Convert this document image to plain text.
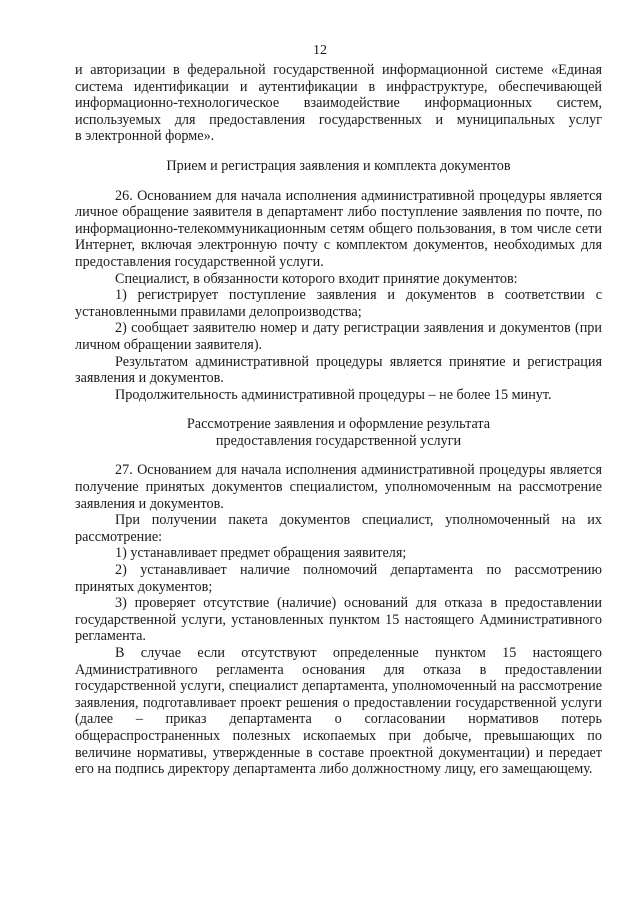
12

и авторизации в федеральной государственной информационной системе «Единая

система идентификации и аутентификации в инфраструктуре, обеспечивающей

информационно-технологическое взаимодействие информационных систем,

используемых для предоставления государственных и муниципальных услуг

в электронной форме».

Прием и регистрация заявления и комплекта документов

26. Основанием для начала исполнения административной процедуры является личное обращение заявителя в департамент либо поступление заявления по почте, по информационно-телекоммуникационным сетям общего пользования, в том числе сети Интернет, включая электронную почту с комплектом документов, необходимых для предоставления государственной услуги.

Специалист, в обязанности которого входит принятие документов:

1) регистрирует поступление заявления и документов в соответствии с установленными правилами делопроизводства;

2) сообщает заявителю номер и дату регистрации заявления и документов (при личном обращении заявителя).

Результатом административной процедуры является принятие и регистрация заявления и документов.

Продолжительность административной процедуры – не более 15 минут.

Рассмотрение заявления и оформление результата

предоставления государственной услуги

27. Основанием для начала исполнения административной процедуры является получение принятых документов специалистом, уполномоченным на рассмотрение заявления и документов.

При получении пакета документов специалист, уполномоченный на их рассмотрение:

1) устанавливает предмет обращения заявителя;

2) устанавливает наличие полномочий департамента по рассмотрению принятых документов;

3) проверяет отсутствие (наличие) оснований для отказа в предоставлении государственной услуги, установленных пунктом 15 настоящего Административного регламента.

В случае если отсутствуют определенные пунктом 15 настоящего Административного регламента основания для отказа в предоставлении государственной услуги, специалист департамента, уполномоченный на рассмотрение заявления, подготавливает проект решения о предоставлении государственной услуги (далее – приказ департамента о согласовании нормативов потерь общераспространенных полезных ископаемых при добыче, превышающих по величине нормативы, утвержденные в составе проектной документации) и передает его на подпись директору департамента либо должностному лицу, его замещающему.
